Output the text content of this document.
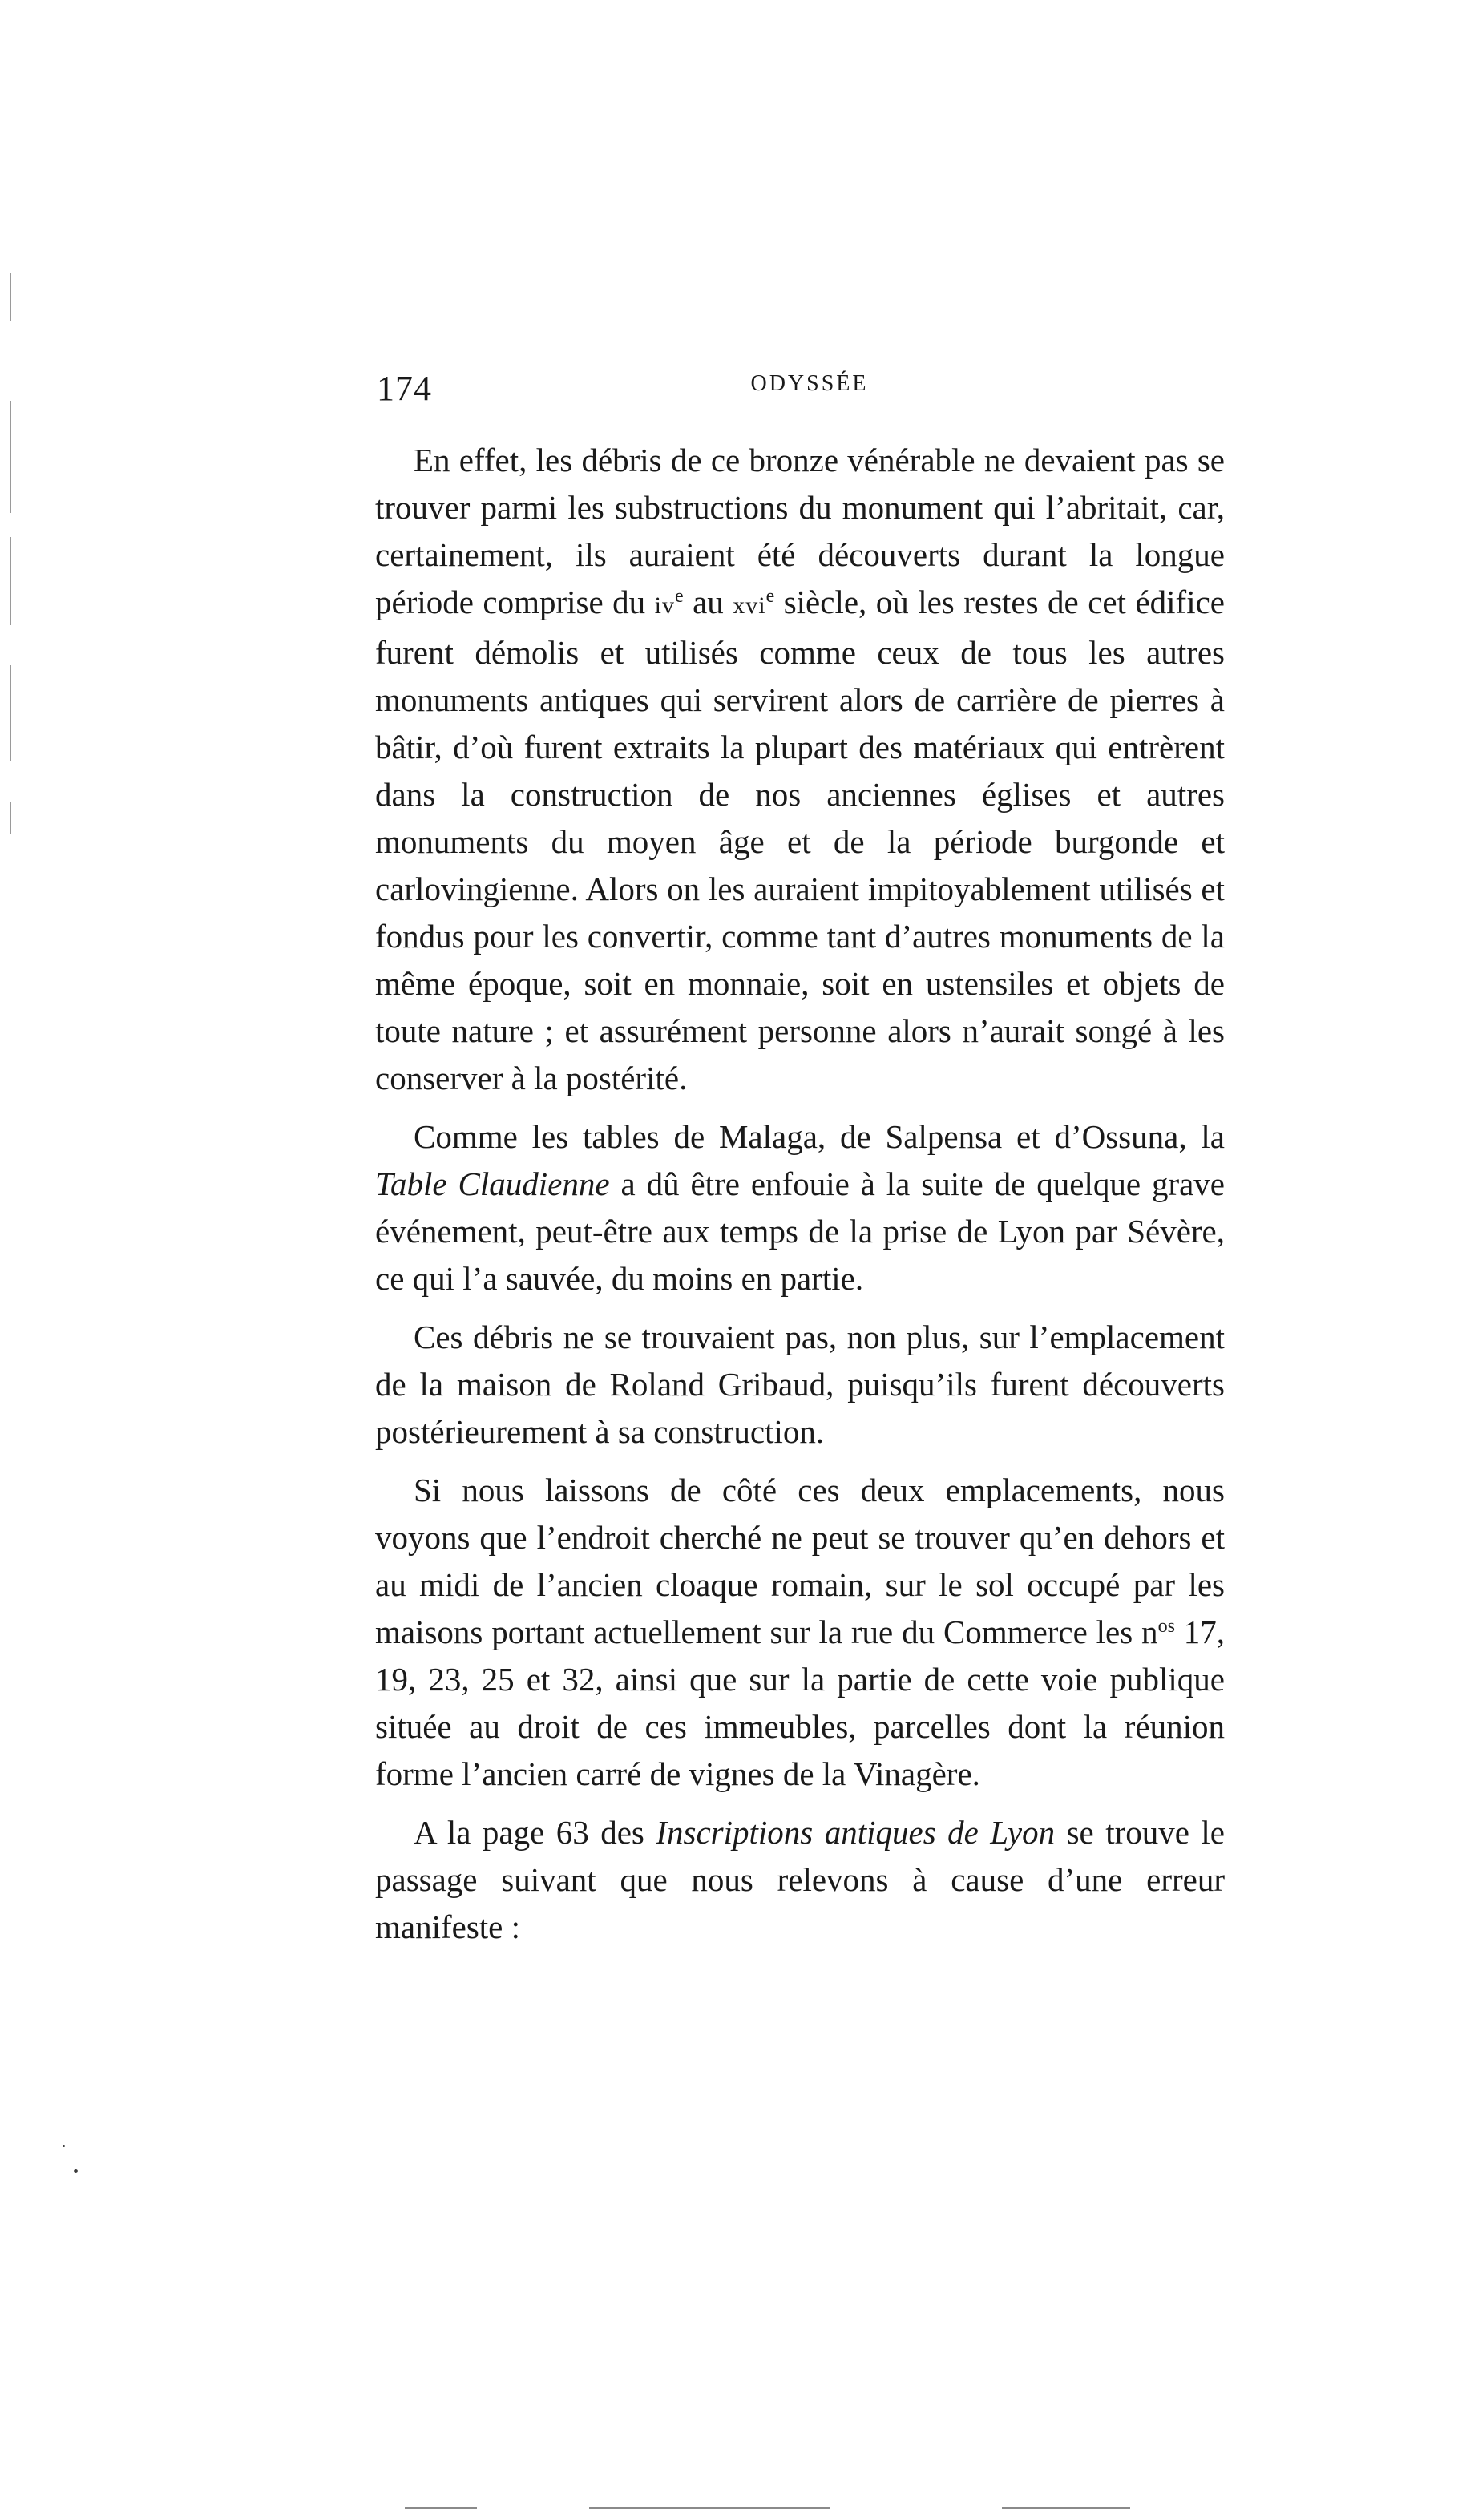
174	ODYSSÉE

En effet, les débris de ce bronze vénérable ne devaient pas se trouver parmi les substructions du monument qui l’abritait, car, certainement, ils auraient été découverts durant la longue période comprise du $iv^e$ au xvi$^e$ siècle, où les restes de cet édifice furent démolis et utilisés comme ceux de tous les autres monuments antiques qui servirent alors de carrière de pierres à bâtir, d’où furent extraits la plupart des matériaux qui entrèrent dans la construction de nos anciennes églises et autres monuments du moyen âge et de la période burgonde et carlovingienne. Alors on les auraient impitoyablement utilisés et fondus pour les convertir, comme tant d’autres monuments de la même époque, soit en monnaie, soit en ustensiles et objets de toute nature ; et assurément personne alors n’aurait songé à les conserver à la postérité.

Comme les tables de Malaga, de Salpensa et d’Ossuna, la Table Claudienne a dû être enfouie à la suite de quelque grave événement, peut-être aux temps de la prise de Lyon par Sévère, ce qui l’a sauvée, du moins en partie.

Ces débris ne se trouvaient pas, non plus, sur l’emplacement de la maison de Roland Gribaud, puisqu’ils furent découverts postérieurement à sa construction.

Si nous laissons de côté ces deux emplacements, nous voyons que l’endroit cherché ne peut se trouver qu’en dehors et au midi de l’ancien cloaque romain, sur le sol occupé par les maisons portant actuellement sur la rue du Commerce les $n^{os}$ 17, 19, 23, 25 et 32, ainsi que sur la partie de cette voie publique située au droit de ces immeubles, parcelles dont la réunion forme l’ancien carré de vignes de la Vinagère.

A la page 63 des Inscriptions antiques de Lyon se trouve le passage suivant que nous relevons à cause d’une erreur manifeste :
